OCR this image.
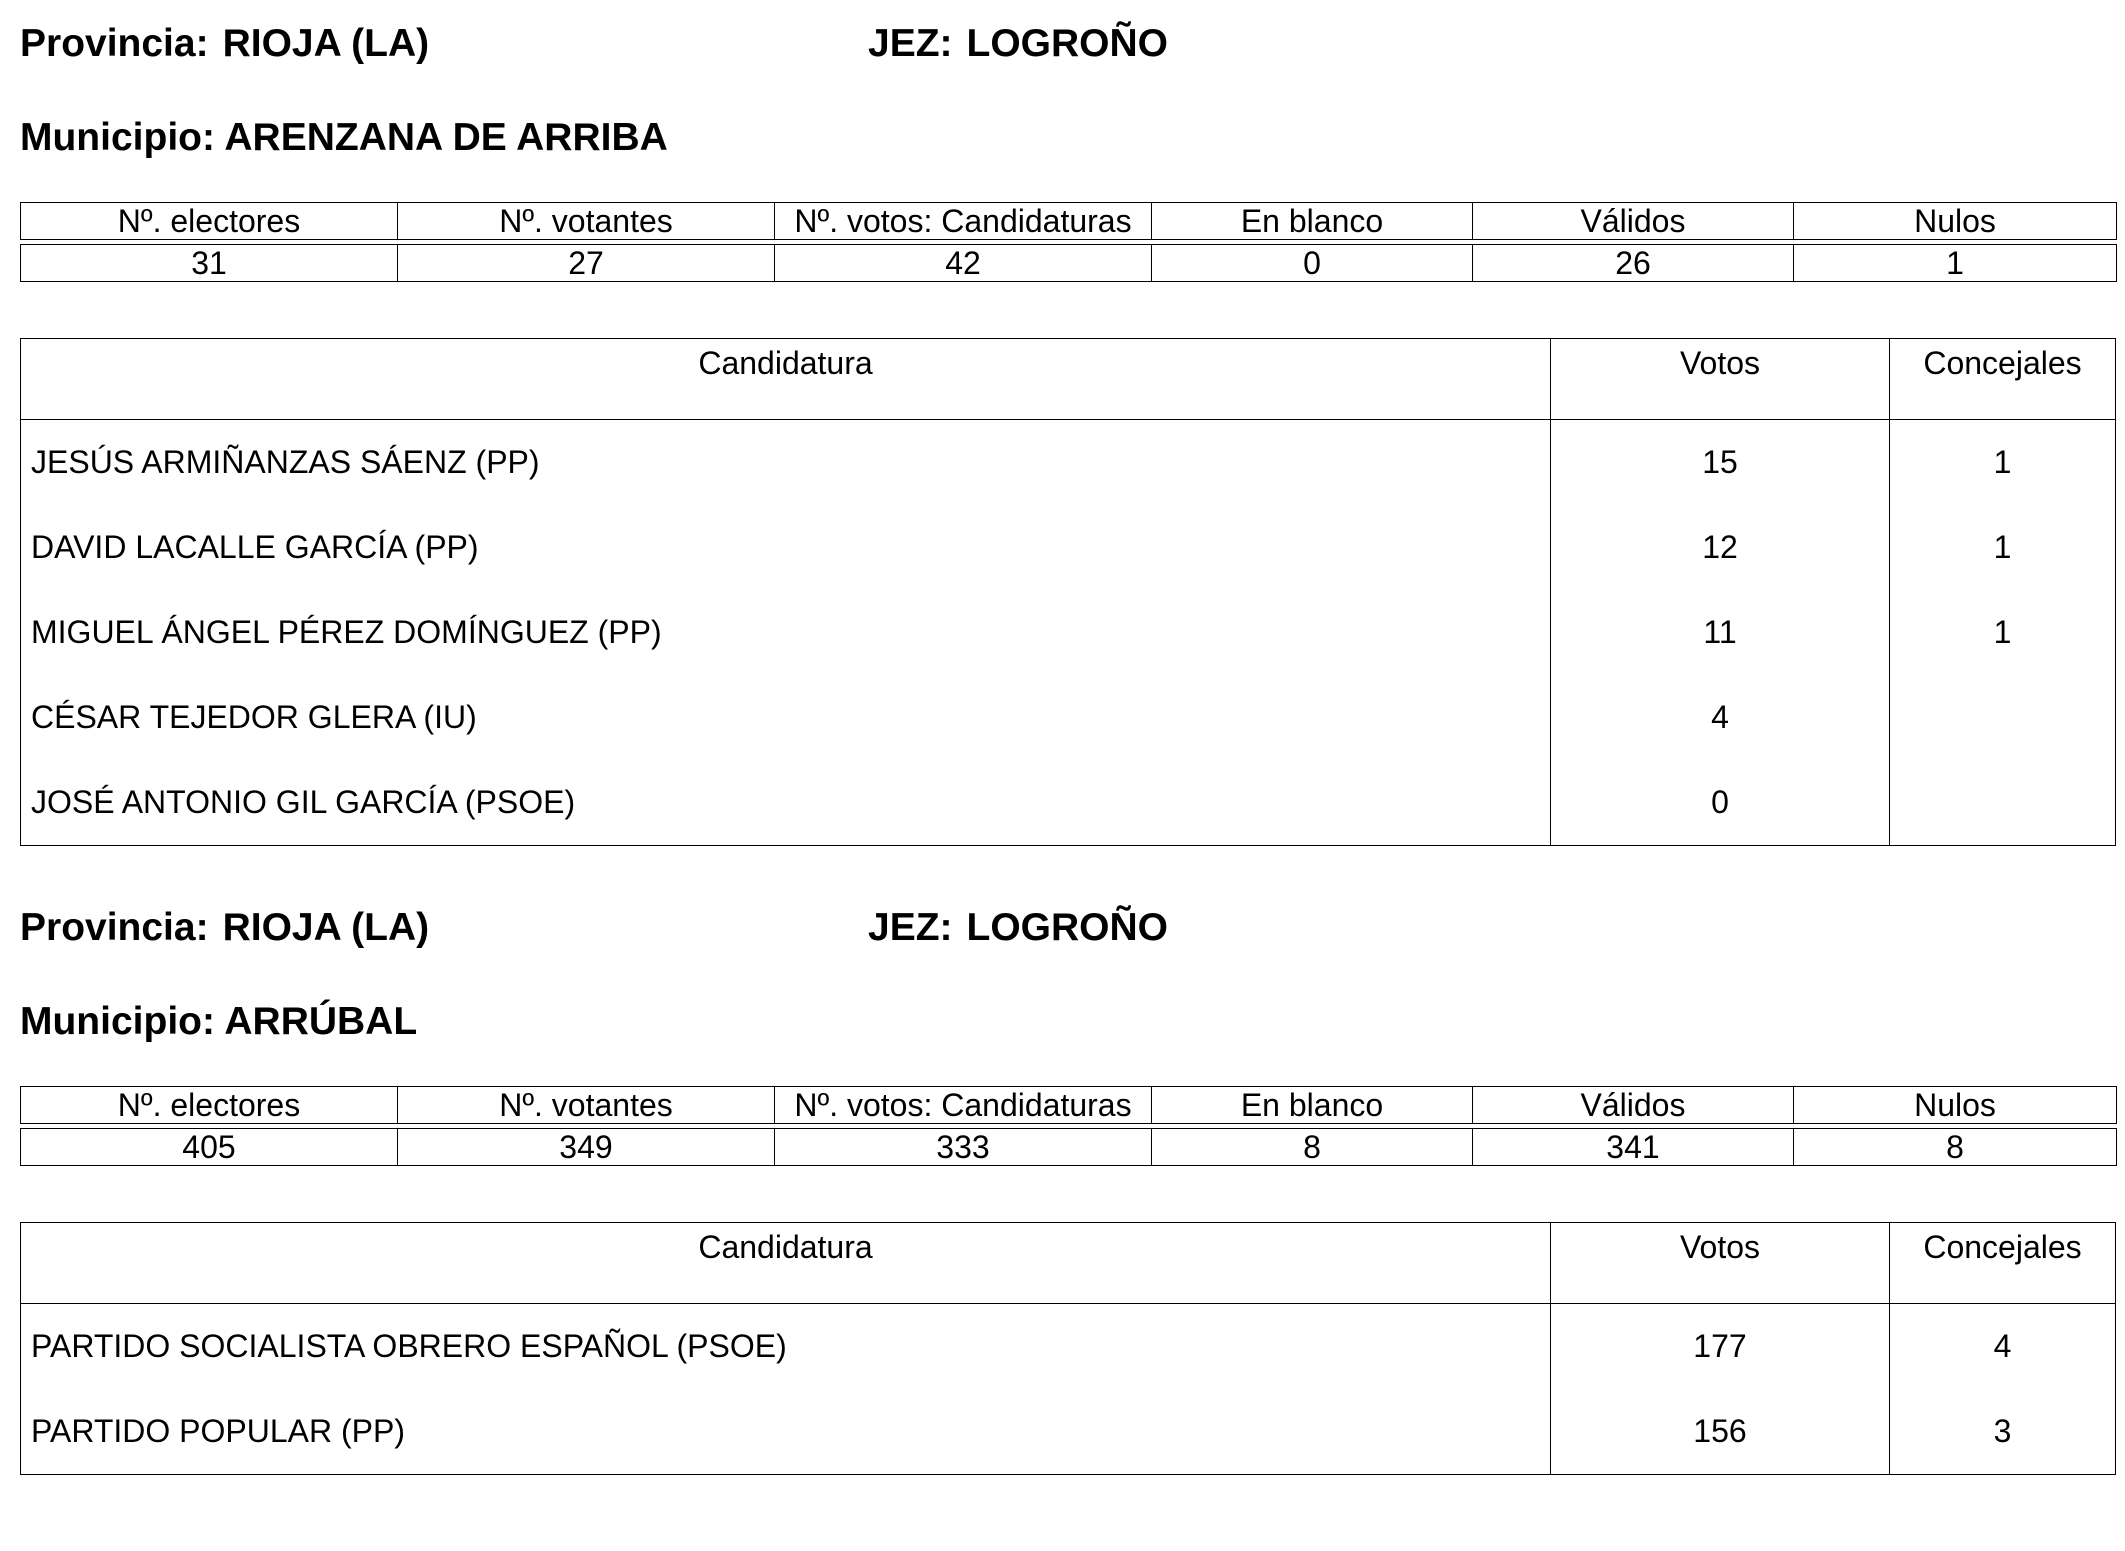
Provincia: RIOJA (LA)	JEZ: LOGROÑO
Municipio: ARENZANA DE ARRIBA
Nº. electores	Nº. votantes	Nº. votos: Candidaturas	En blanco	Válidos	Nulos

31	27	42	0	26	1
Candidatura	Votos	Concejales
JESÚS ARMIÑANZAS SÁENZ (PP)	15	1
DAVID LACALLE GARCÍA (PP)	12	1
MIGUEL ÁNGEL PÉREZ DOMÍNGUEZ (PP)	11	1
CÉSAR TEJEDOR GLERA (IU)	4
JOSÉ ANTONIO GIL GARCÍA (PSOE)	0
Provincia: RIOJA (LA)	JEZ: LOGROÑO
Municipio: ARRÚBAL
Nº. electores	Nº. votantes	Nº. votos: Candidaturas	En blanco	Válidos	Nulos

405	349	333	8	341	8
Candidatura	Votos	Concejales
PARTIDO SOCIALISTA OBRERO ESPAÑOL (PSOE)	177	4
PARTIDO POPULAR (PP)	156	3
